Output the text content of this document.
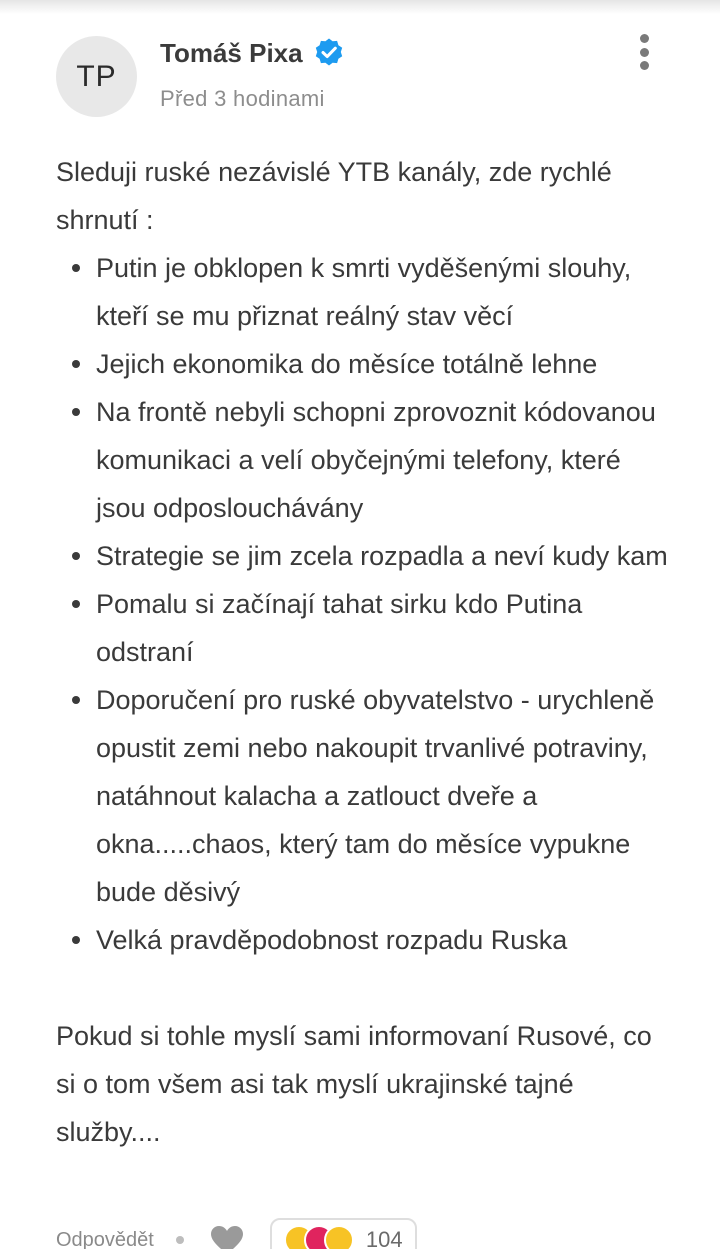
TP
Tomáš Pixa
Před 3 hodinami

Sleduji ruské nezávislé YTB kanály, zde rychlé shrnutí :

Putin je obklopen k smrti vyděšenými slouhy, kteří se mu přiznat reálný stav věcí
Jejich ekonomika do měsíce totálně lehne
Na frontě nebyli schopni zprovoznit kódovanou komunikaci a velí obyčejnými telefony, které jsou odposlouchávány
Strategie se jim zcela rozpadla a neví kudy kam
Pomalu si začínají tahat sirku kdo Putina odstraní
Doporučení pro ruské obyvatelstvo - urychleně opustit zemi nebo nakoupit trvanlivé potraviny, natáhnout kalacha a zatlouct dveře a okna.....chaos, který tam do měsíce vypukne bude děsivý
Velká pravděpodobnost rozpadu Ruska

Pokud si tohle myslí sami informovaní Rusové, co si o tom všem asi tak myslí ukrajinské tajné služby....

Odpovědět	104
